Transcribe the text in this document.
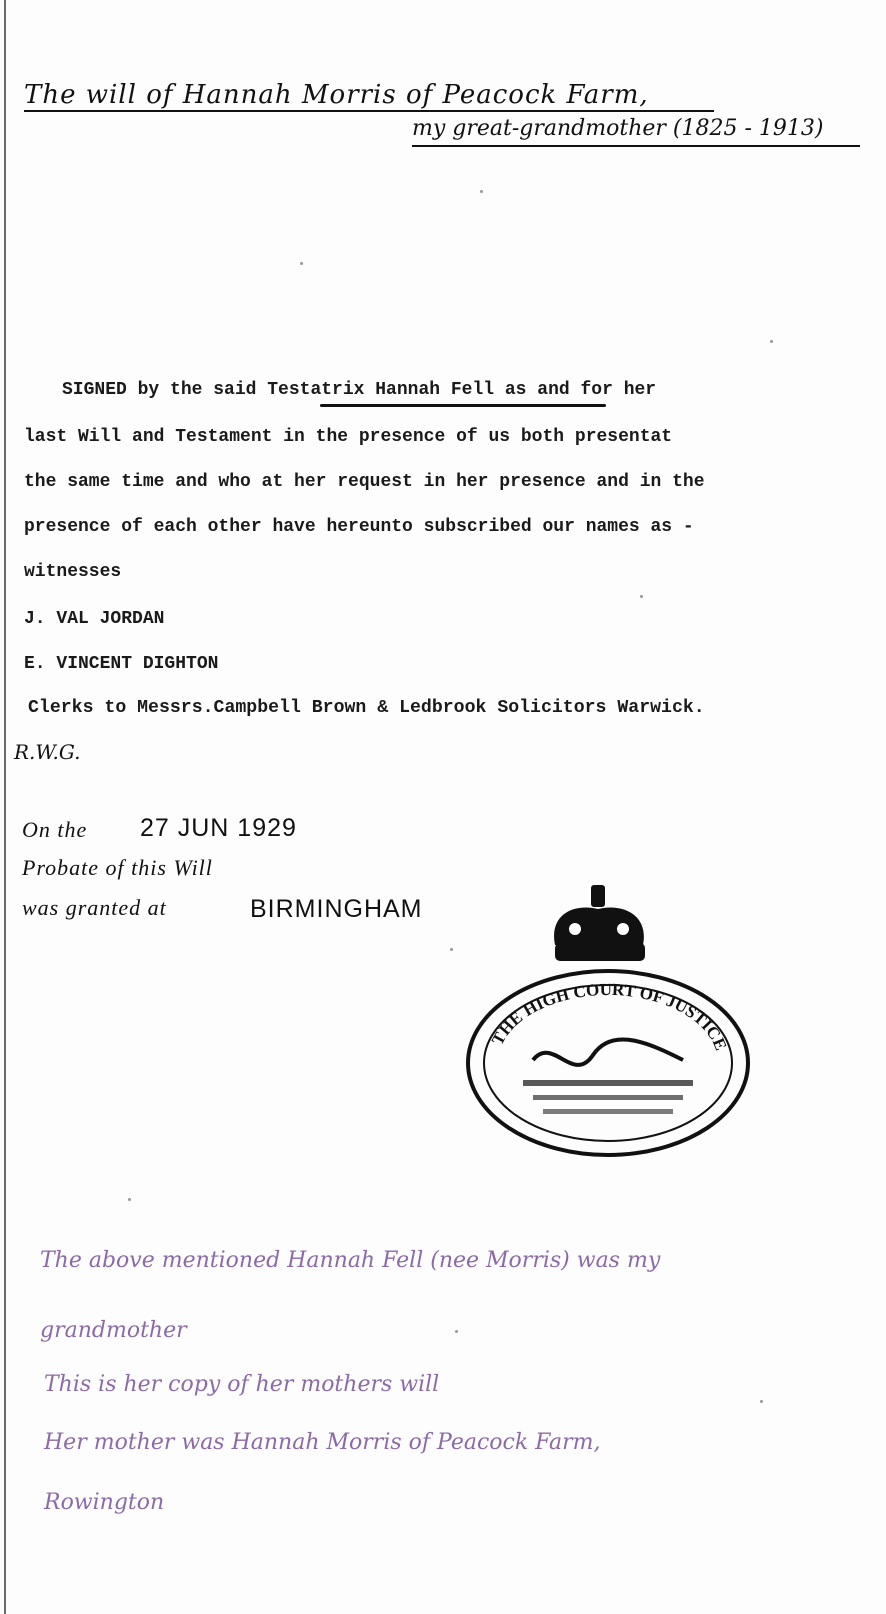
The will of Hannah Morris of Peacock Farm,
my great-grandmother (1825 - 1913)
SIGNED by the said Testatrix Hannah Fell as and for her
last Will and Testament in the presence of us both presentat
the same time and who at her request in her presence and in the
presence of each other have hereunto subscribed our names as -
witnesses
J. VAL JORDAN
E. VINCENT DIGHTON
Clerks to Messrs.Campbell Brown & Ledbrook Solicitors Warwick.
R.W.G.
On the 27 JUN 1929
Probate of this Will
was granted at	BIRMINGHAM
THE HIGH COURT OF JUSTICE
The above mentioned Hannah Fell (nee Morris) was my
grandmother
This is her copy of her mothers will
Her mother was Hannah Morris of Peacock Farm,
Rowington
